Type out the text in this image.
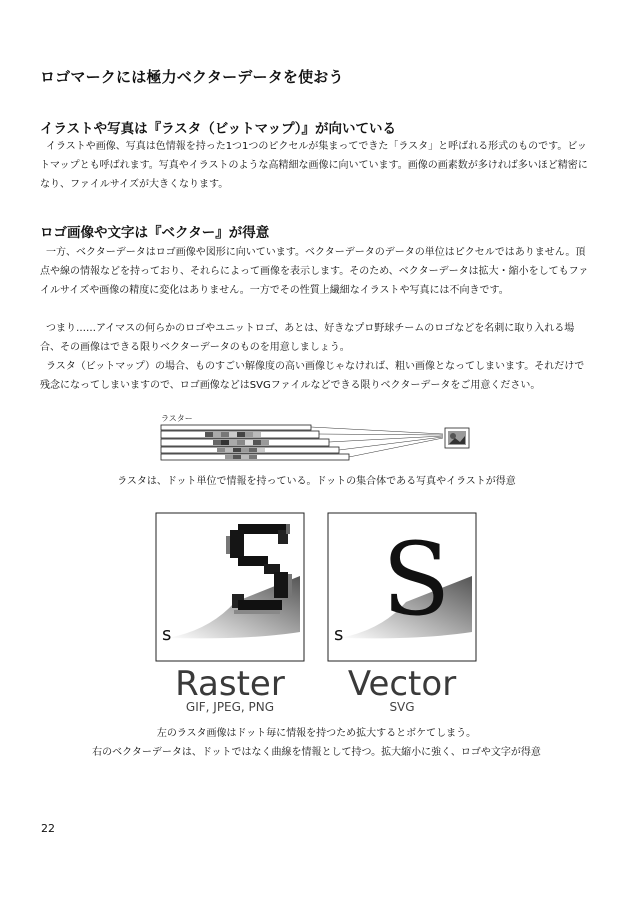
ロゴマークには極力ベクターデータを使おう
イラストや写真は『ラスタ（ビットマップ）』が向いている

イラストや画像、写真は色情報を持った1つ1つのピクセルが集まってできた「ラスタ」と呼ばれる形式のものです。ビットマップとも呼ばれます。写真やイラストのような高精細な画像に向いています。画像の画素数が多ければ多いほど精密になり、ファイルサイズが大きくなります。

ロゴ画像や文字は『ベクター』が得意

一方、ベクターデータはロゴ画像や図形に向いています。ベクターデータのデータの単位はピクセルではありません。頂点や線の情報などを持っており、それらによって画像を表示します。そのため、ベクターデータは拡大・縮小をしてもファイルサイズや画像の精度に変化はありません。一方でその性質上繊細なイラストや写真には不向きです。

つまり……アイマスの何らかのロゴやユニットロゴ、あとは、好きなプロ野球チームのロゴなどを名刺に取り入れる場合、その画像はできる限りベクターデータのものを用意しましょう。

ラスタ（ビットマップ）の場合、ものすごい解像度の高い画像じゃなければ、粗い画像となってしまいます。それだけで残念になってしまいますので、ロゴ画像などはSVGファイルなどできる限りベクターデータをご用意ください。

ラスター
ラスタは、ドット単位で情報を持っている。ドットの集合体である写真やイラストが得意
s S
s
Raster
GIF, JPEG, PNG
Vector
SVG
左のラスタ画像はドット毎に情報を持つため拡大するとボケてしまう。
右のベクターデータは、ドットではなく曲線を情報として持つ。拡大縮小に強く、ロゴや文字が得意
22
